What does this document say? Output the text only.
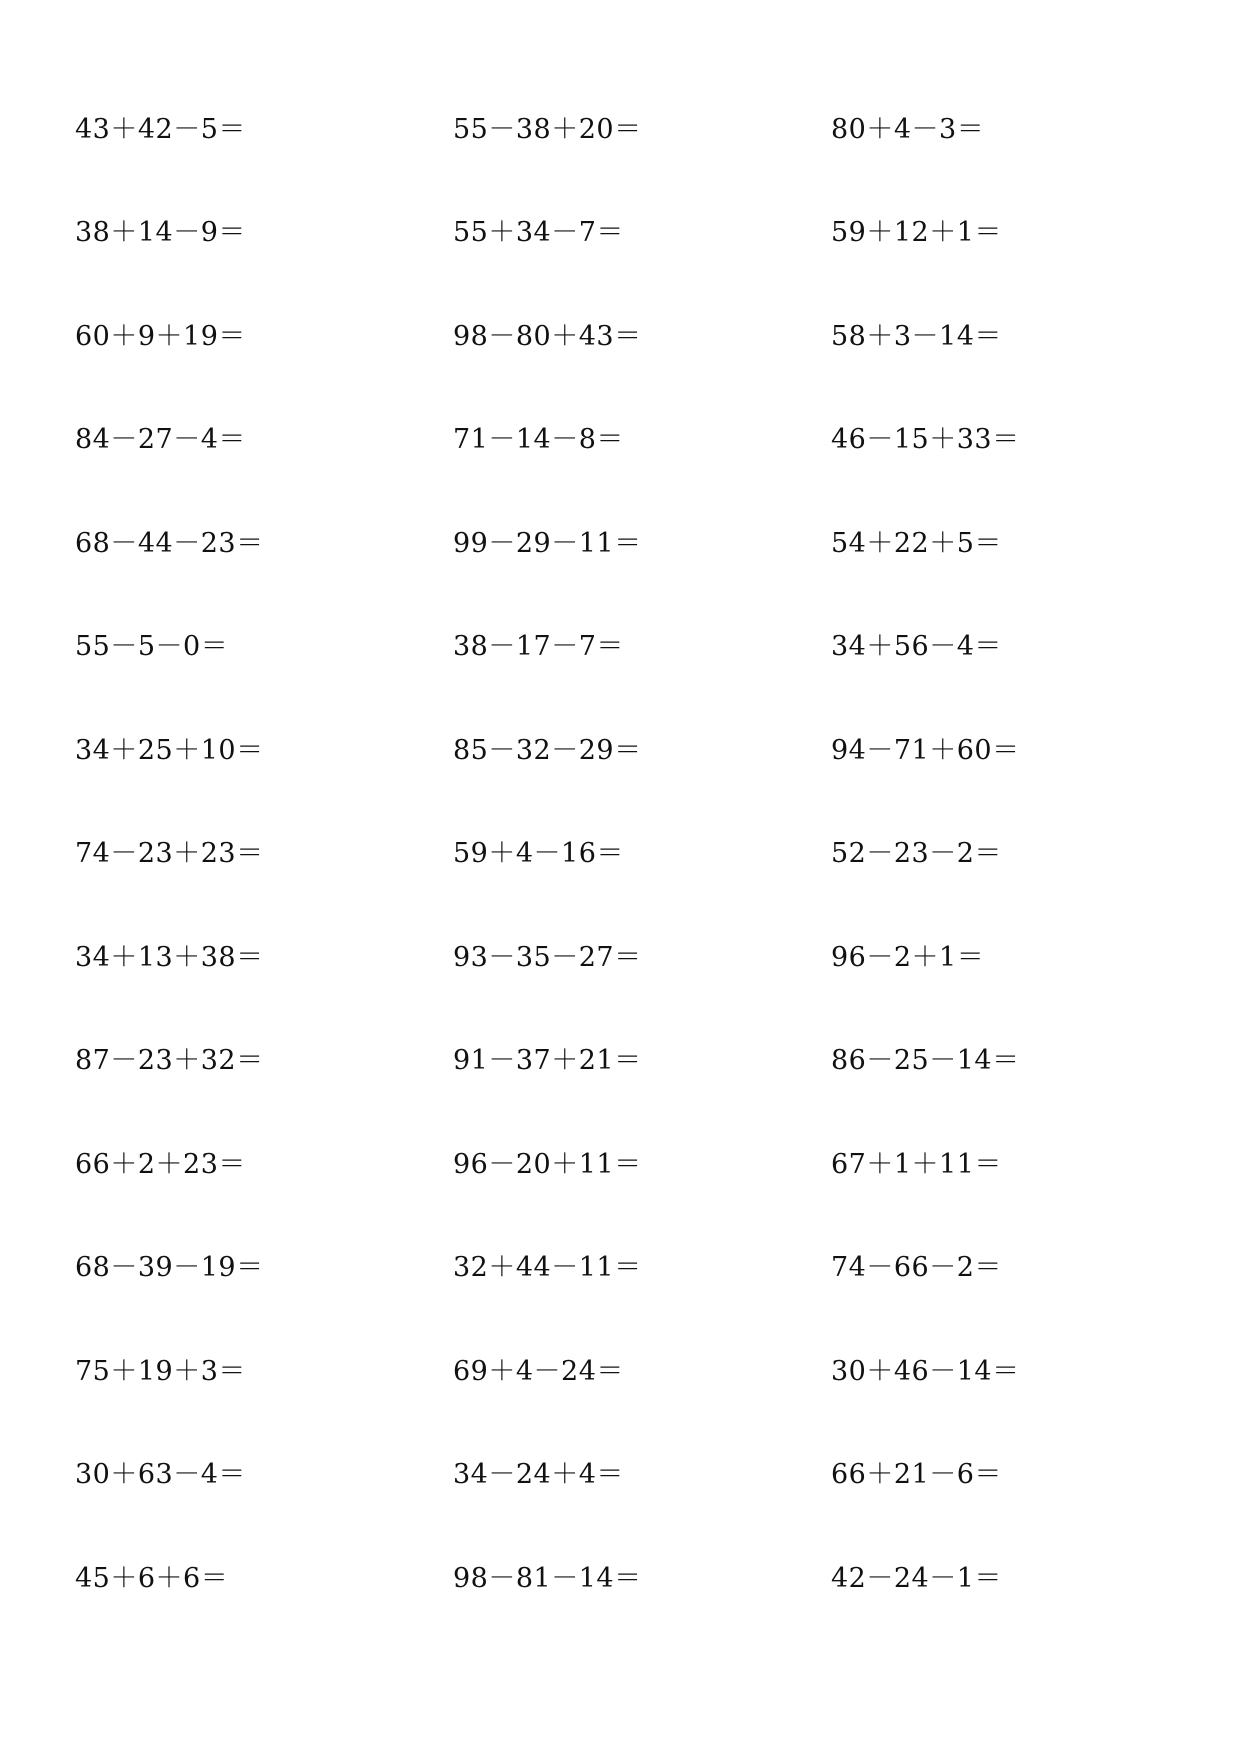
43＋42－5＝	55－38＋20＝	80＋4－3＝
38＋14－9＝	55＋34－7＝	59＋12＋1＝
60＋9＋19＝	98－80＋43＝	58＋3－14＝
84－27－4＝	71－14－8＝	46－15＋33＝
68－44－23＝	99－29－11＝	54＋22＋5＝
55－5－0＝	38－17－7＝	34＋56－4＝
34＋25＋10＝	85－32－29＝	94－71＋60＝
74－23＋23＝	59＋4－16＝	52－23－2＝
34＋13＋38＝	93－35－27＝	96－2＋1＝
87－23＋32＝	91－37＋21＝	86－25－14＝
66＋2＋23＝	96－20＋11＝	67＋1＋11＝
68－39－19＝	32＋44－11＝	74－66－2＝
75＋19＋3＝	69＋4－24＝	30＋46－14＝
30＋63－4＝	34－24＋4＝	66＋21－6＝
45＋6＋6＝	98－81－14＝	42－24－1＝
